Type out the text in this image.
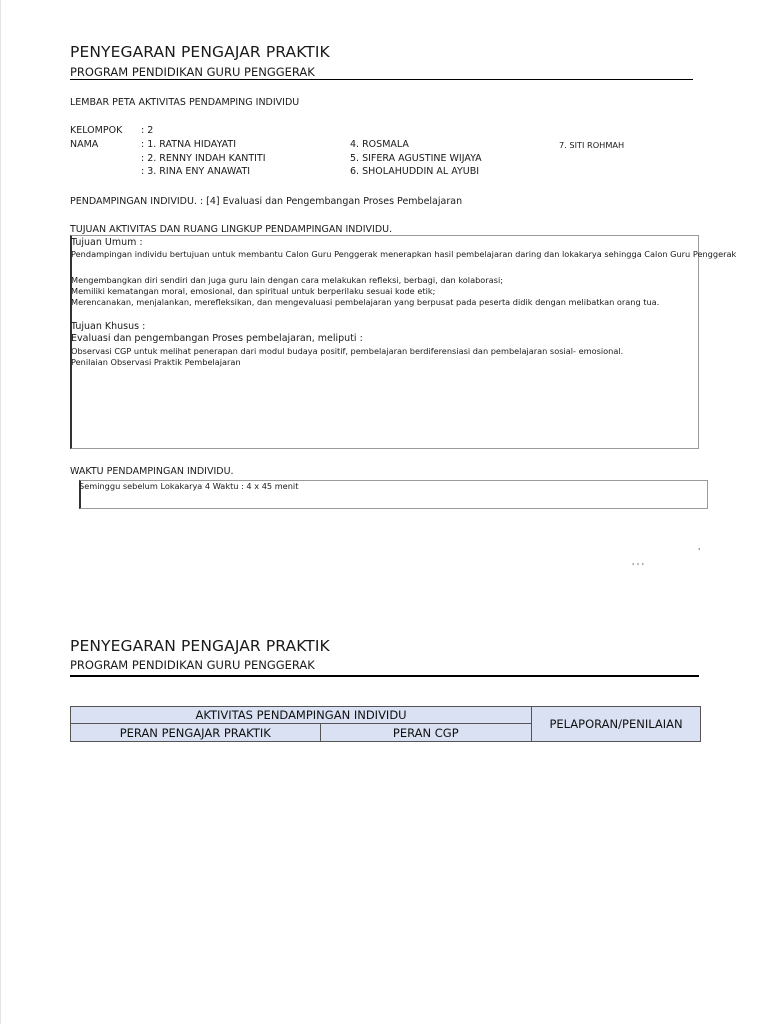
PENYEGARAN PENGAJAR PRAKTIK
PROGRAM PENDIDIKAN GURU PENGGERAK
LEMBAR PETA AKTIVITAS PENDAMPING INDIVIDU
KELOMPOK : 2
NAMA	: 1. RATNA HIDAYATI
: 2. RENNY INDAH KANTITI
: 3. RINA ENY ANAWATI
4. ROSMALA
5. SIFERA AGUSTINE WIJAYA
6. SHOLAHUDDIN AL AYUBI
7. SITI ROHMAH
PENDAMPINGAN INDIVIDU. : [4] Evaluasi dan Pengembangan Proses Pembelajaran
TUJUAN AKTIVITAS DAN RUANG LINGKUP PENDAMPINGAN INDIVIDU.
Tujuan Umum :
Pendampingan individu bertujuan untuk membantu Calon Guru Penggerak menerapkan hasil pembelajaran daring dan lokakarya sehingga Calon Guru Penggerak
Mengembangkan diri sendiri dan juga guru lain dengan cara melakukan refleksi, berbagi, dan kolaborasi;
Memiliki kematangan moral, emosional, dan spiritual untuk berperilaku sesuai kode etik;
Merencanakan, menjalankan, merefleksikan, dan mengevaluasi pembelajaran yang berpusat pada peserta didik dengan melibatkan orang tua.
Tujuan Khusus :
Evaluasi dan pengembangan Proses pembelajaran, meliputi :
Observasi CGP untuk melihat penerapan dari modul budaya positif, pembelajaran berdiferensiasi dan pembelajaran sosial- emosional.
Penilaian Observasi Praktik Pembelajaran
WAKTU PENDAMPINGAN INDIVIDU.
Seminggu sebelum Lokakarya 4 Waktu : 4 x 45 menit
'
' ' '
PENYEGARAN PENGAJAR PRAKTIK
PROGRAM PENDIDIKAN GURU PENGGERAK
AKTIVITAS PENDAMPINGAN INDIVIDU		PELAPORAN/PENILAIAN
PERAN PENGAJAR PRAKTIK	PERAN CGP	
